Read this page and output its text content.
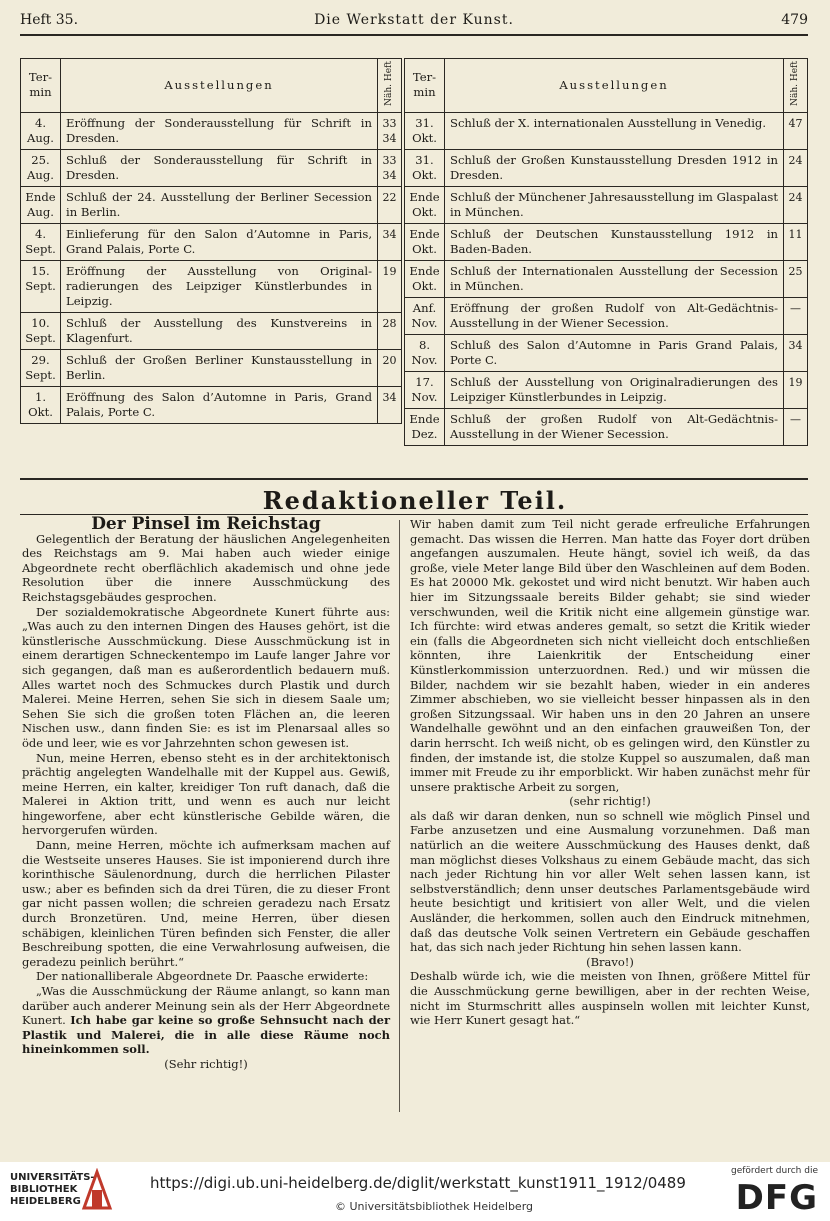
Heft 35.	Die Werkstatt der Kunst.	479
Ter-
min	Ausstellungen	Näh. Heft
4.
Aug.	Eröffnung der Sonderausstellung für Schrift in Dresden.	33
34
25.
Aug.	Schluß der Sonderausstellung für Schrift in Dresden.	33
34
Ende
Aug.	Schluß der 24. Ausstellung der Berliner Secession in Berlin.	22
4.
Sept.	Einlieferung für den Salon d’Automne in Paris, Grand Palais, Porte C.	34
15.
Sept.	Eröffnung der Ausstellung von Original-radierungen des Leipziger Künstlerbundes in Leipzig.	19
10.
Sept.	Schluß der Ausstellung des Kunstvereins in Klagenfurt.	28
29.
Sept.	Schluß der Großen Berliner Kunstausstellung in Berlin.	20
1.
Okt.	Eröffnung des Salon d’Automne in Paris, Grand Palais, Porte C.	34
Ter-
min	Ausstellungen	Näh. Heft
31.
Okt.	Schluß der X. internationalen Ausstellung in Venedig.	47
31.
Okt.	Schluß der Großen Kunstausstellung Dresden 1912 in Dresden.	24
Ende
Okt.	Schluß der Münchener Jahresausstellung im Glaspalast in München.	24
Ende
Okt.	Schluß der Deutschen Kunstausstellung 1912 in Baden-Baden.	11
Ende
Okt.	Schluß der Internationalen Ausstellung der Secession in München.	25
Anf.
Nov.	Eröffnung der großen Rudolf von Alt-Gedächtnis-Ausstellung in der Wiener Secession.	—
8.
Nov.	Schluß des Salon d’Automne in Paris Grand Palais, Porte C.	34
17.
Nov.	Schluß der Ausstellung von Originalradierungen des Leipziger Künstlerbundes in Leipzig.	19
Ende
Dez.	Schluß der großen Rudolf von Alt-Gedächtnis-Ausstellung in der Wiener Secession.	—
Redaktioneller Teil.

Der Pinsel im Reichstag

Gelegentlich der Beratung der häuslichen Angelegenheiten des Reichstags am 9. Mai haben auch wieder einige Abgeordnete recht oberflächlich akademisch und ohne jede Resolution über die innere Ausschmückung des Reichstagsgebäudes gesprochen.

Der sozialdemokratische Abgeordnete Kunert führte aus: „Was auch zu den internen Dingen des Hauses gehört, ist die künstlerische Ausschmückung. Diese Ausschmückung ist in einem derartigen Schneckentempo im Laufe langer Jahre vor sich gegangen, daß man es außerordentlich bedauern muß. Alles wartet noch des Schmuckes durch Plastik und durch Malerei. Meine Herren, sehen Sie sich in diesem Saale um; Sehen Sie sich die großen toten Flächen an, die leeren Nischen usw., dann finden Sie: es ist im Plenarsaal alles so öde und leer, wie es vor Jahrzehnten schon gewesen ist.

Nun, meine Herren, ebenso steht es in der architektonisch prächtig angelegten Wandelhalle mit der Kuppel aus. Gewiß, meine Herren, ein kalter, kreidiger Ton ruft danach, daß die Malerei in Aktion tritt, und wenn es auch nur leicht hingeworfene, aber echt künstlerische Gebilde wären, die hervorgerufen würden.

Dann, meine Herren, möchte ich aufmerksam machen auf die Westseite unseres Hauses. Sie ist imponierend durch ihre korinthische Säulenordnung, durch die herrlichen Pilaster usw.; aber es befinden sich da drei Türen, die zu dieser Front gar nicht passen wollen; die schreien geradezu nach Ersatz durch Bronzetüren. Und, meine Herren, über diesen schäbigen, kleinlichen Türen befinden sich Fenster, die aller Beschreibung spotten, die eine Verwahrlosung aufweisen, die geradezu peinlich berührt.“

Der nationalliberale Abgeordnete Dr. Paasche erwiderte:

„Was die Ausschmückung der Räume anlangt, so kann man darüber auch anderer Meinung sein als der Herr Abgeordnete Kunert. Ich habe gar keine so große Sehnsucht nach der Plastik und Malerei, die in alle diese Räume noch hineinkommen soll.

(Sehr richtig!)

Wir haben damit zum Teil nicht gerade erfreuliche Erfahrungen gemacht. Das wissen die Herren. Man hatte das Foyer dort drüben angefangen auszumalen. Heute hängt, soviel ich weiß, da das große, viele Meter lange Bild über den Waschleinen auf dem Boden. Es hat 20000 Mk. gekostet und wird nicht benutzt. Wir haben auch hier im Sitzungssaale bereits Bilder gehabt; sie sind wieder verschwunden, weil die Kritik nicht eine allgemein günstige war. Ich fürchte: wird etwas anderes gemalt, so setzt die Kritik wieder ein (falls die Abgeordneten sich nicht vielleicht doch entschließen könnten, ihre Laienkritik der Entscheidung einer Künstlerkommission unterzuordnen. Red.) und wir müssen die Bilder, nachdem wir sie bezahlt haben, wieder in ein anderes Zimmer abschieben, wo sie vielleicht besser hinpassen als in den großen Sitzungssaal. Wir haben uns in den 20 Jahren an unsere Wandelhalle gewöhnt und an den einfachen grauweißen Ton, der darin herrscht. Ich weiß nicht, ob es gelingen wird, den Künstler zu finden, der imstande ist, die stolze Kuppel so auszumalen, daß man immer mit Freude zu ihr emporblickt. Wir haben zunächst mehr für unsere praktische Arbeit zu sorgen,

(sehr richtig!)

als daß wir daran denken, nun so schnell wie möglich Pinsel und Farbe anzusetzen und eine Ausmalung vorzunehmen. Daß man natürlich an die weitere Ausschmückung des Hauses denkt, daß man möglichst dieses Volkshaus zu einem Gebäude macht, das sich nach jeder Richtung hin vor aller Welt sehen lassen kann, ist selbstverständlich; denn unser deutsches Parlamentsgebäude wird heute besichtigt und kritisiert von aller Welt, und die vielen Ausländer, die herkommen, sollen auch den Eindruck mitnehmen, daß das deutsche Volk seinen Vertretern ein Gebäude geschaffen hat, das sich nach jeder Richtung hin sehen lassen kann.

(Bravo!)

Deshalb würde ich, wie die meisten von Ihnen, größere Mittel für die Ausschmückung gerne bewilligen, aber in der rechten Weise, nicht im Sturmschritt alles auspinseln wollen mit leichter Kunst, wie Herr Kunert gesagt hat.“

UNIVERSITÄTS-
BIBLIOTHEK
HEIDELBERG
https://digi.ub.uni-heidelberg.de/diglit/werkstatt_kunst1911_1912/0489
© Universitätsbibliothek Heidelberg
gefördert durch die
DFG
